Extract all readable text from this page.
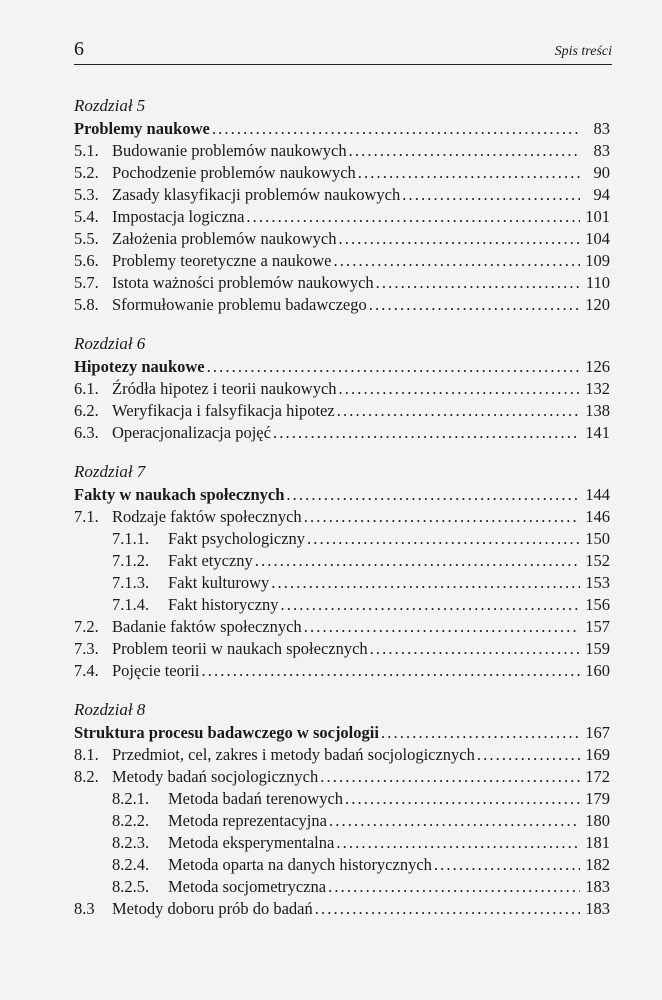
6	Spis treści
Rozdział 5
Problemy naukowe . . .	83
5.1. Budowanie problemów naukowych . . .	83
5.2. Pochodzenie problemów naukowych . . .	90
5.3. Zasady klasyfikacji problemów naukowych . . .	94
5.4. Impostacja logiczna . . .	101
5.5. Założenia problemów naukowych . . .	104
5.6. Problemy teoretyczne a naukowe . . .	109
5.7. Istota ważności problemów naukowych . . .	110
5.8. Sformułowanie problemu badawczego . . .	120
Rozdział 6
Hipotezy naukowe . . .	126
6.1. Źródła hipotez i teorii naukowych . . .	132
6.2. Weryfikacja i falsyfikacja hipotez . . .	138
6.3. Operacjonalizacja pojęć . . .	141
Rozdział 7
Fakty w naukach społecznych . . .	144
7.1. Rodzaje faktów społecznych . . .	146
7.1.1.	Fakt psychologiczny . . .	150
7.1.2.	Fakt etyczny . . .	152
7.1.3.	Fakt kulturowy . . .	153
7.1.4.	Fakt historyczny . . .	156
7.2. Badanie faktów społecznych . . .	157
7.3. Problem teorii w naukach społecznych . . .	159
7.4. Pojęcie teorii . . .	160
Rozdział 8
Struktura procesu badawczego w socjologii . . .	167
8.1. Przedmiot, cel, zakres i metody badań socjologicznych . . .	169
8.2. Metody badań socjologicznych . . .	172
8.2.1.	Metoda badań terenowych . . .	179
8.2.2.	Metoda reprezentacyjna . . .	180
8.2.3.	Metoda eksperymentalna . . .	181
8.2.4.	Metoda oparta na danych historycznych . . .	182
8.2.5.	Metoda socjometryczna . . .	183
8.3	Metody doboru prób do badań . . .	183
